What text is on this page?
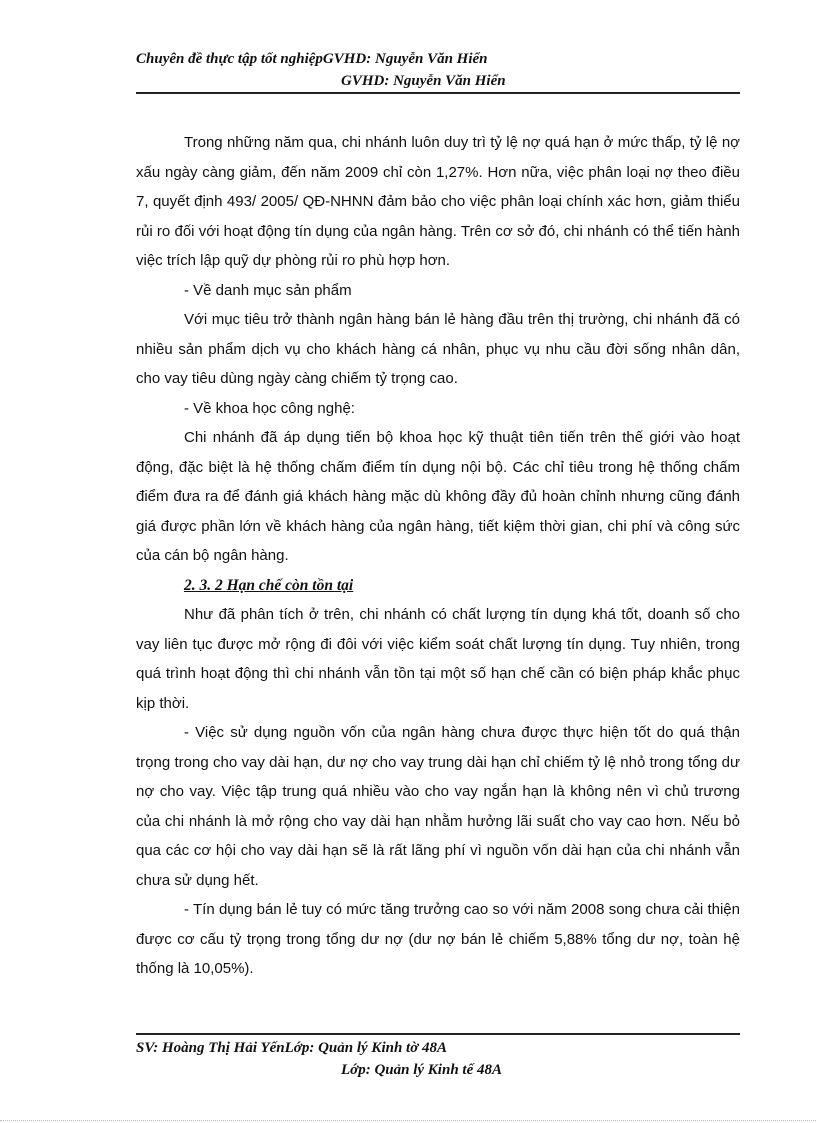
Chuyên đề thực tập tốt nghiệpGVHD: Nguyễn Văn Hiển
GVHD: Nguyễn Văn Hiển

Trong những năm qua, chi nhánh luôn duy trì tỷ lệ nợ quá hạn ở mức thấp, tỷ lệ nợ xấu ngày càng giảm, đến năm 2009 chỉ còn 1,27%. Hơn nữa, việc phân loại nợ theo điều 7, quyết định 493/ 2005/ QĐ-NHNN đảm bảo cho việc phân loại chính xác hơn, giảm thiểu rủi ro đối với hoạt động tín dụng của ngân hàng. Trên cơ sở đó, chi nhánh có thể tiến hành việc trích lập quỹ dự phòng rủi ro phù hợp hơn.

- Về danh mục sản phẩm

Với mục tiêu trở thành ngân hàng bán lẻ hàng đầu trên thị trường, chi nhánh đã có nhiều sản phẩm dịch vụ cho khách hàng cá nhân, phục vụ nhu cầu đời sống nhân dân, cho vay tiêu dùng ngày càng chiếm tỷ trọng cao.

- Về khoa học công nghệ:

Chi nhánh đã áp dụng tiến bộ khoa học kỹ thuật tiên tiến trên thế giới vào hoạt động, đặc biệt là hệ thống chấm điểm tín dụng nội bộ. Các chỉ tiêu trong hệ thống chấm điểm đưa ra để đánh giá khách hàng mặc dù không đầy đủ hoàn chỉnh nhưng cũng đánh giá được phần lớn về khách hàng của ngân hàng, tiết kiệm thời gian, chi phí và công sức của cán bộ ngân hàng.

2. 3. 2 Hạn chế còn tồn tại

Như đã phân tích ở trên, chi nhánh có chất lượng tín dụng khá tốt, doanh số cho vay liên tục được mở rộng đi đôi với việc kiểm soát chất lượng tín dụng. Tuy nhiên, trong quá trình hoạt động thì chi nhánh vẫn tồn tại một số hạn chế cần có biện pháp khắc phục kịp thời.

- Việc sử dụng nguồn vốn của ngân hàng chưa được thực hiện tốt do quá thận trọng trong cho vay dài hạn, dư nợ cho vay trung dài hạn chỉ chiếm tỷ lệ nhỏ trong tổng dư nợ cho vay. Việc tập trung quá nhiều vào cho vay ngắn hạn là không nên vì chủ trương của chi nhánh là mở rộng cho vay dài hạn nhằm hưởng lãi suất cho vay cao hơn. Nếu bỏ qua các cơ hội cho vay dài hạn sẽ là rất lãng phí vì nguồn vốn dài hạn của chi nhánh vẫn chưa sử dụng hết.

- Tín dụng bán lẻ tuy có mức tăng trưởng cao so với năm 2008 song chưa cải thiện được cơ cấu tỷ trọng trong tổng dư nợ (dư nợ bán lẻ chiếm 5,88% tổng dư nợ, toàn hệ thống là 10,05%).

SV: Hoàng Thị Hải YếnLớp: Quản lý Kinh tờ 48A
Lớp: Quản lý Kinh tế 48A
